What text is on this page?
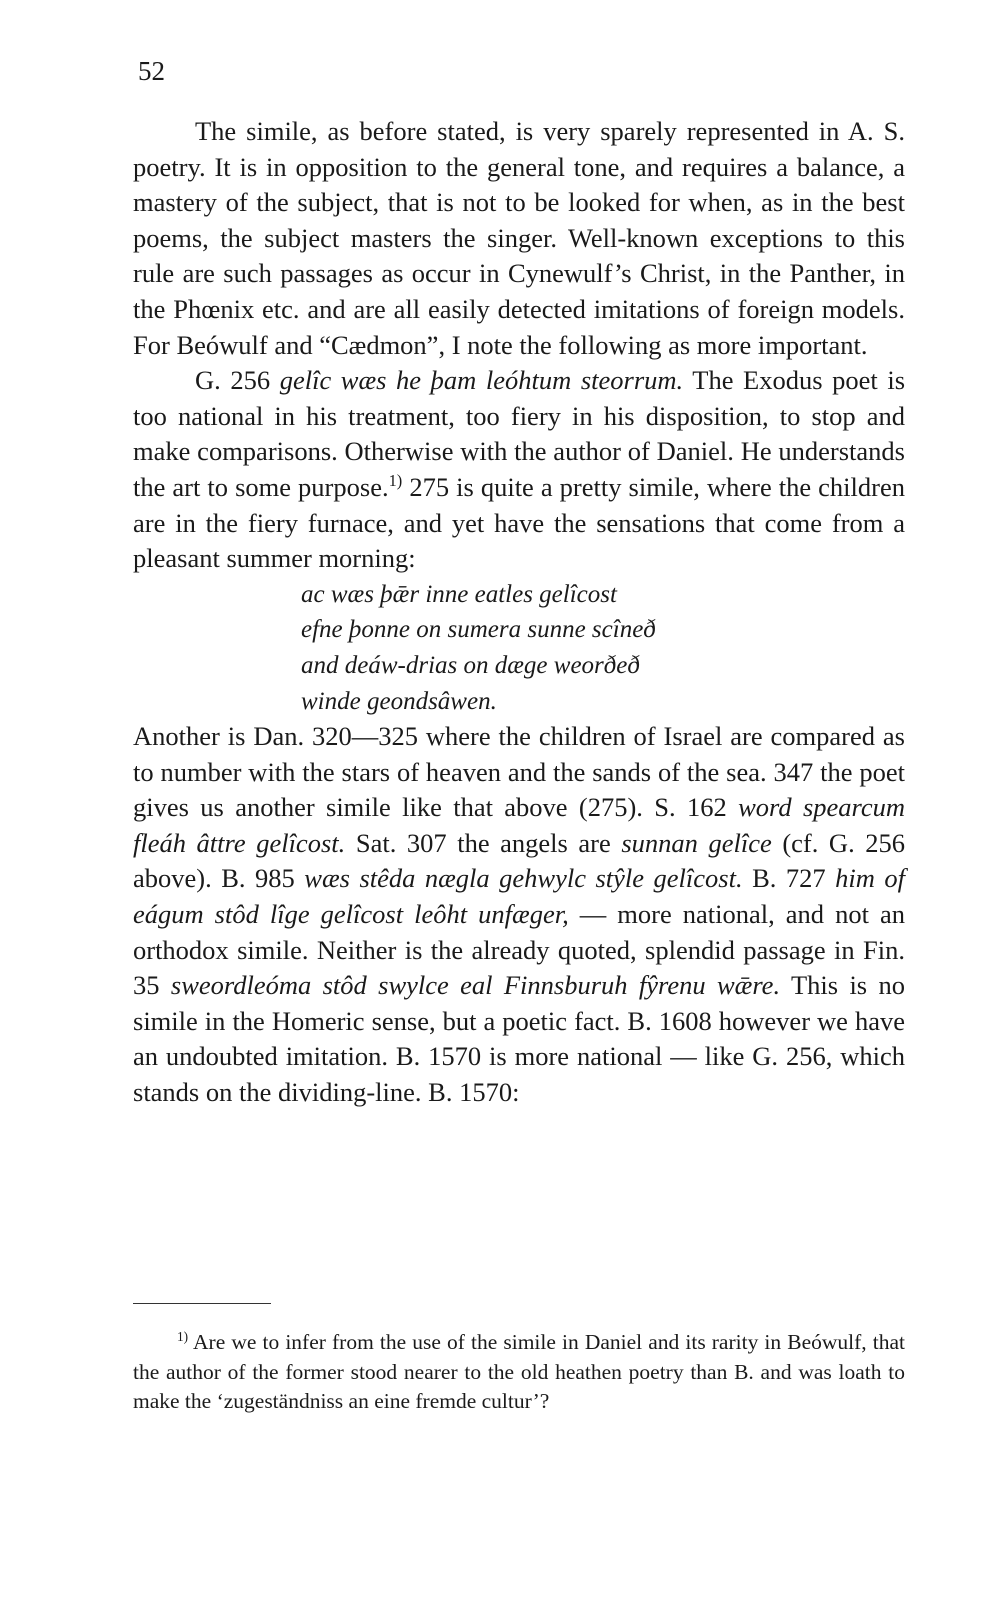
52

The simile, as before stated, is very sparely represented in A. S. poetry. It is in opposition to the general tone, and requires a balance, a mastery of the subject, that is not to be looked for when, as in the best poems, the subject masters the singer. Well-known exceptions to this rule are such passages as occur in Cynewulf’s Christ, in the Panther, in the Phœnix etc. and are all easily detected imitations of foreign models. For Beówulf and “Cædmon”, I note the following as more important.

G. 256 gelîc wæs he þam leóhtum steorrum. The Exodus poet is too national in his treatment, too fiery in his disposition, to stop and make comparisons. Otherwise with the author of Daniel. He understands the art to some purpose.$^{1)}$ 275 is quite a pretty simile, where the children are in the fiery furnace, and yet have the sensations that come from a pleasant summer morning:

ac wæs þǣr inne eatles gelîcost
efne þonne on sumera sunne scîneð
and deáw-drias on dæge weorðeð
winde geondsâwen.

Another is Dan. 320—325 where the children of Israel are compared as to number with the stars of heaven and the sands of the sea. 347 the poet gives us another simile like that above (275). S. 162 word spearcum fleáh âttre gelîcost. Sat. 307 the angels are sunnan gelîce (cf. G. 256 above). B. 985 wæs stêda nægla gehwylc stŷle gelîcost. B. 727 him of eágum stôd lîge gelîcost leôht unfæger, — more national, and not an orthodox simile. Neither is the already quoted, splendid passage in Fin. 35 sweordleóma stôd swylce eal Finnsburuh fŷrenu wǣre. This is no simile in the Homeric sense, but a poetic fact. B. 1608 however we have an undoubted imitation. B. 1570 is more national — like G. 256, which stands on the dividing-line. B. 1570:

$^{1)}$ Are we to infer from the use of the simile in Daniel and its rarity in Beówulf, that the author of the former stood nearer to the old heathen poetry than B. and was loath to make the ‘zugeständniss an eine fremde cultur’?
